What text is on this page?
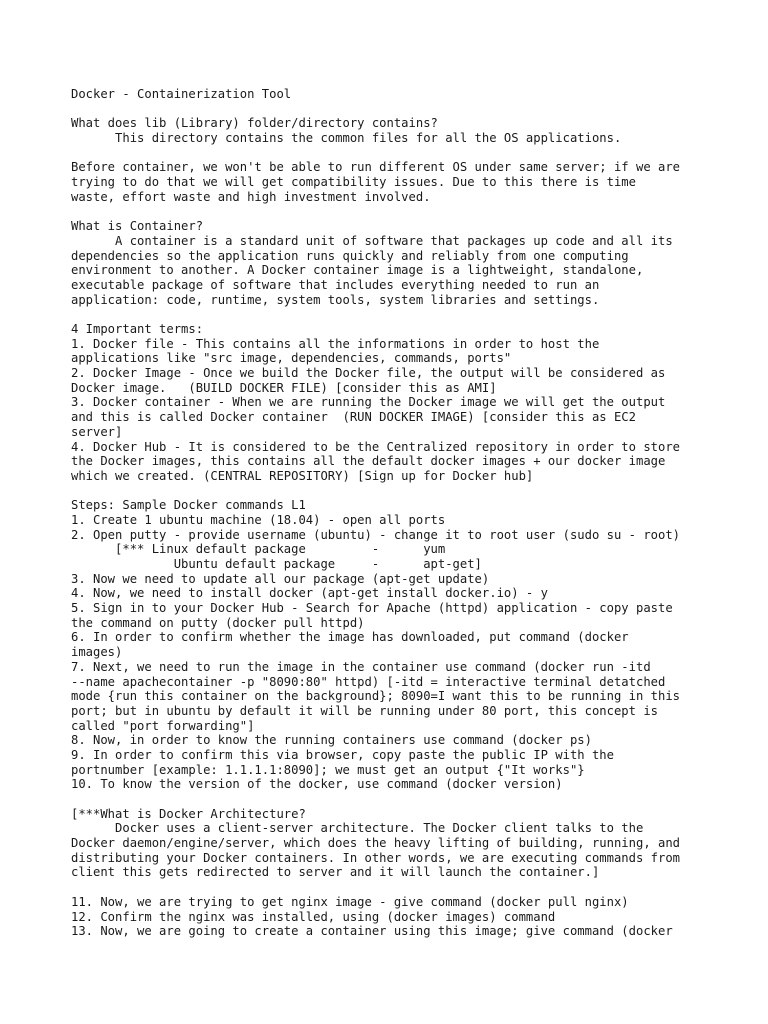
Docker - Containerization Tool
What does lib (Library) folder/directory contains?
This directory contains the common files for all the OS applications.
Before container, we won't be able to run different OS under same server; if we are
trying to do that we will get compatibility issues. Due to this there is time
waste, effort waste and high investment involved.
What is Container?
A container is a standard unit of software that packages up code and all its
dependencies so the application runs quickly and reliably from one computing
environment to another. A Docker container image is a lightweight, standalone,
executable package of software that includes everything needed to run an
application: code, runtime, system tools, system libraries and settings.
4 Important terms:
1. Docker file - This contains all the informations in order to host the
applications like "src image, dependencies, commands, ports"
2. Docker Image - Once we build the Docker file, the output will be considered as
Docker image.   (BUILD DOCKER FILE) [consider this as AMI]
3. Docker container - When we are running the Docker image we will get the output
and this is called Docker container  (RUN DOCKER IMAGE) [consider this as EC2
server]
4. Docker Hub - It is considered to be the Centralized repository in order to store
the Docker images, this contains all the default docker images + our docker image
which we created. (CENTRAL REPOSITORY) [Sign up for Docker hub]
Steps: Sample Docker commands L1
1. Create 1 ubuntu machine (18.04) - open all ports
2. Open putty - provide username (ubuntu) - change it to root user (sudo su - root)
[*** Linux default package         -      yum
Ubuntu default package     -      apt-get]
3. Now we need to update all our package (apt-get update)
4. Now, we need to install docker (apt-get install docker.io) - y
5. Sign in to your Docker Hub - Search for Apache (httpd) application - copy paste
the command on putty (docker pull httpd)
6. In order to confirm whether the image has downloaded, put command (docker
images)
7. Next, we need to run the image in the container use command (docker run -itd
--name apachecontainer -p "8090:80" httpd) [-itd = interactive terminal detatched
mode {run this container on the background}; 8090=I want this to be running in this
port; but in ubuntu by default it will be running under 80 port, this concept is
called "port forwarding"]
8. Now, in order to know the running containers use command (docker ps)
9. In order to confirm this via browser, copy paste the public IP with the
portnumber [example: 1.1.1.1:8090]; we must get an output {"It works"}
10. To know the version of the docker, use command (docker version)
[***What is Docker Architecture?
Docker uses a client-server architecture. The Docker client talks to the
Docker daemon/engine/server, which does the heavy lifting of building, running, and
distributing your Docker containers. In other words, we are executing commands from
client this gets redirected to server and it will launch the container.]
11. Now, we are trying to get nginx image - give command (docker pull nginx)
12. Confirm the nginx was installed, using (docker images) command
13. Now, we are going to create a container using this image; give command (docker
